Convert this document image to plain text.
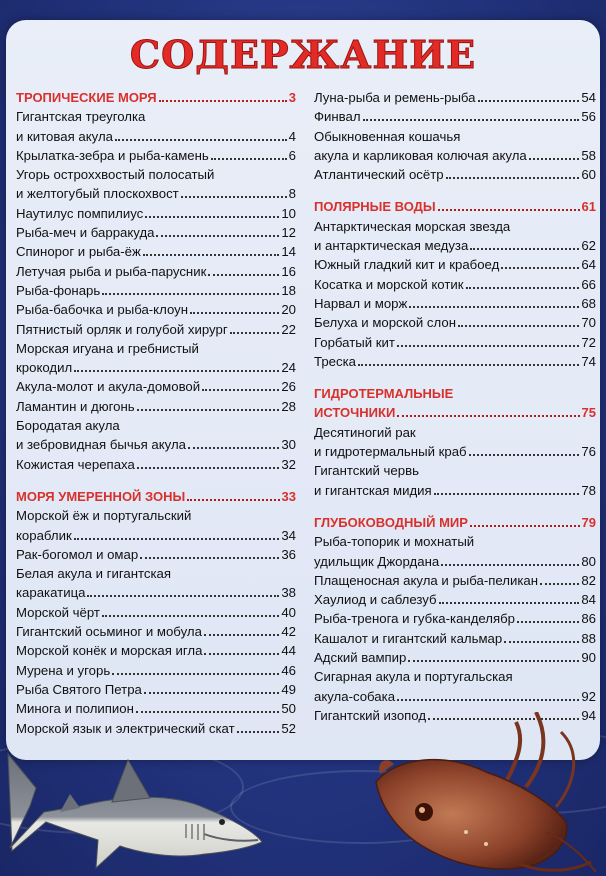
СОДЕРЖАНИЕ
ТРОПИЧЕСКИЕ МОРЯ	3
Гигантская треуголка
и китовая акула	4
Крылатка-зебра и рыба-камень	6
Угорь остроххвостый полосатый
и желтогубый плоскохвост	8
Наутилус помпилиус	10
Рыба-меч и барракуда	12
Спинорог и рыба-ёж	14
Летучая рыба и рыба-парусник	16
Рыба-фонарь	18
Рыба-бабочка и рыба-клоун	20
Пятнистый орляк и голубой хирург	22
Морская игуана и гребнистый
крокодил	24
Акула-молот и акула-домовой	26
Ламантин и дюгонь	28
Бородатая акула
и зебровидная бычья акула	30
Кожистая черепаха	32
МОРЯ УМЕРЕННОЙ ЗОНЫ	33
Морской ёж и португальский
кораблик	34
Рак-богомол и омар	36
Белая акула и гигантская
каракатица	38
Морской чёрт	40
Гигантский осьминог и мобула	42
Морской конёк и морская игла	44
Мурена и угорь	46
Рыба Святого Петра	49
Минога и полипион	50
Морской язык и электрический скат	52
Луна-рыба и ремень-рыба	54
Финвал	56
Обыкновенная кошачья
акула и карликовая колючая акула	58
Атлантический осётр	60
ПОЛЯРНЫЕ ВОДЫ	61
Антарктическая морская звезда
и антарктическая медуза	62
Южный гладкий кит и крабоед	64
Косатка и морской котик	66
Нарвал и морж	68
Белуха и морской слон	70
Горбатый кит	72
Треска	74
ГИДРОТЕРМАЛЬНЫЕ
ИСТОЧНИКИ	75
Десятиногий рак
и гидротермальный краб	76
Гигантский червь
и гигантская мидия	78
ГЛУБОКОВОДНЫЙ МИР	79
Рыба-топорик и мохнатый
удильщик Джордана	80
Плащеносная акула и рыба-пеликан	82
Хаулиод и саблезуб	84
Рыба-тренога и губка-канделябр	86
Кашалот и гигантский кальмар	88
Адский вампир	90
Сигарная акула и португальская
акула-собака	92
Гигантский изопод	94
